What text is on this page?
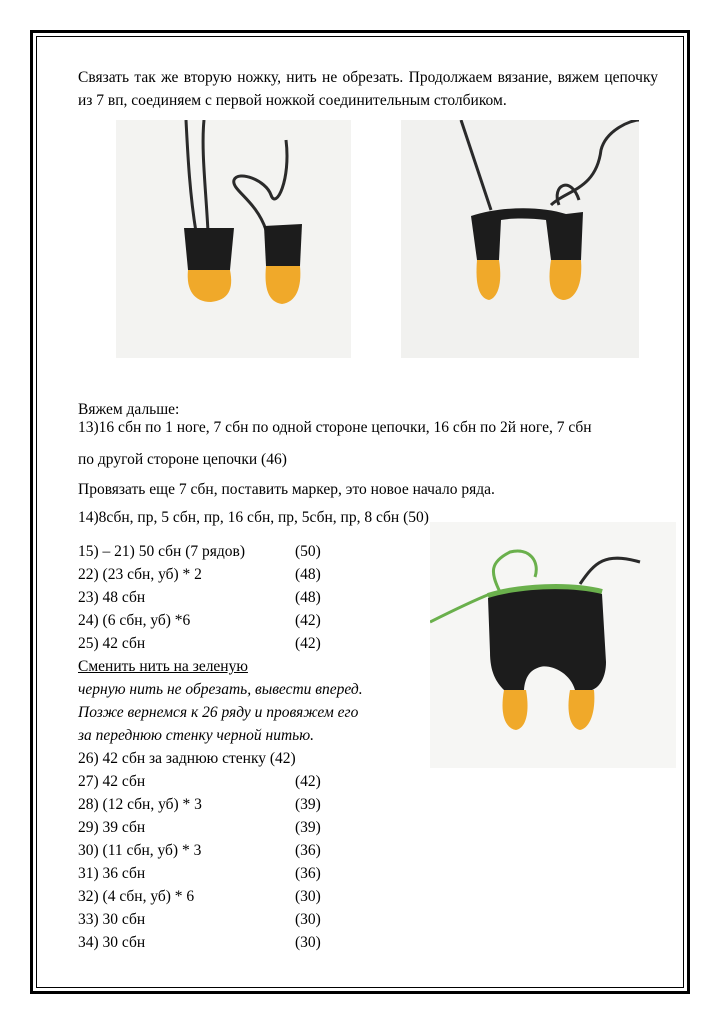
Связать так же вторую ножку, нить не обрезать. Продолжаем вязание, вяжем цепочку из 7 вп, соединяем с первой ножкой соединительным столбиком.
Вяжем дальше:
13)16 сбн по 1 ноге, 7 сбн по одной стороне цепочки, 16 сбн по 2й ноге, 7 сбн
по другой стороне цепочки (46)
Провязать еще 7 сбн, поставить маркер, это новое начало ряда.
14)8сбн, пр, 5 сбн, пр, 16 сбн, пр, 5сбн, пр, 8 сбн (50)
15) – 21) 50 сбн (7 рядов)	(50)
22) (23 сбн, уб) * 2	(48)
23) 48 сбн	(48)
24) (6 сбн, уб) *6	(42)
25) 42 сбн	(42)
Сменить нить на зеленую
черную нить не обрезать, вывести вперед.
Позже вернемся к 26 ряду и провяжем его
за переднюю стенку черной нитью.
26) 42 сбн за заднюю стенку (42)
27) 42 сбн	(42)
28) (12 сбн, уб) * 3	(39)
29) 39 сбн	(39)
30) (11 сбн, уб) * 3	(36)
31) 36 сбн	(36)
32) (4 сбн, уб) * 6	(30)
33) 30 сбн	(30)
34) 30 сбн	(30)
